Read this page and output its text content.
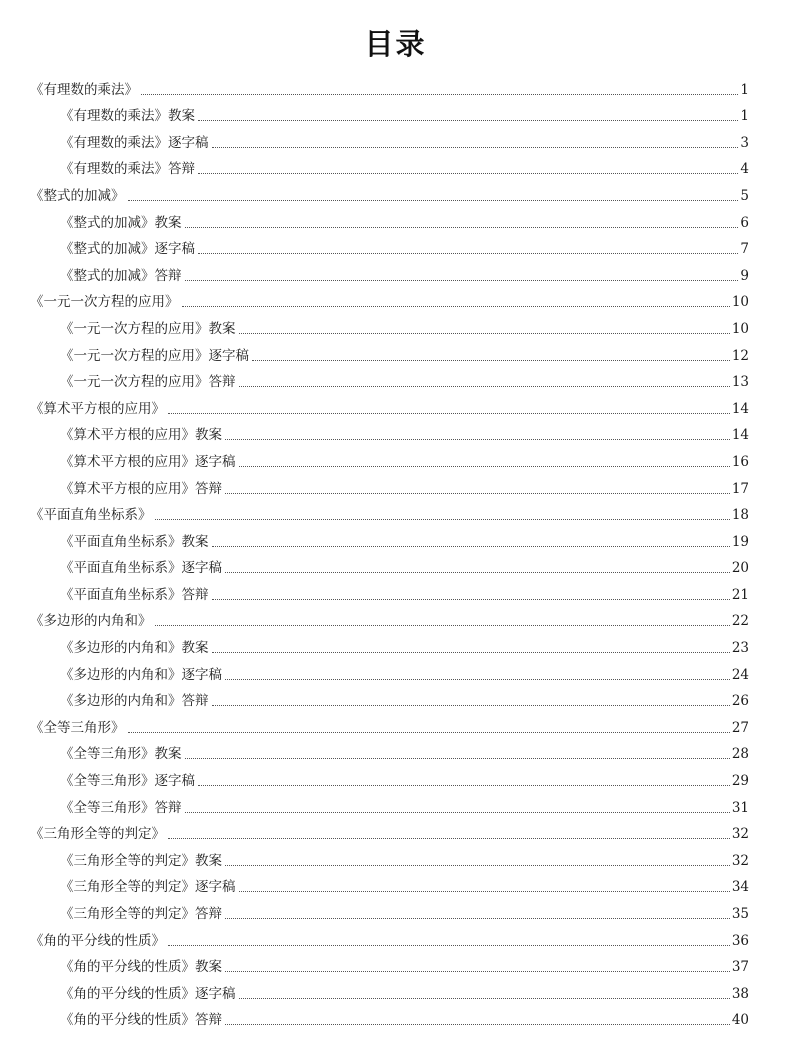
目录
《有理数的乘法》	1
《有理数的乘法》教案	1
《有理数的乘法》逐字稿	3
《有理数的乘法》答辩	4
《整式的加减》	5
《整式的加减》教案	6
《整式的加减》逐字稿	7
《整式的加减》答辩	9
《一元一次方程的应用》	10
《一元一次方程的应用》教案	10
《一元一次方程的应用》逐字稿	12
《一元一次方程的应用》答辩	13
《算术平方根的应用》	14
《算术平方根的应用》教案	14
《算术平方根的应用》逐字稿	16
《算术平方根的应用》答辩	17
《平面直角坐标系》	18
《平面直角坐标系》教案	19
《平面直角坐标系》逐字稿	20
《平面直角坐标系》答辩	21
《多边形的内角和》	22
《多边形的内角和》教案	23
《多边形的内角和》逐字稿	24
《多边形的内角和》答辩	26
《全等三角形》	27
《全等三角形》教案	28
《全等三角形》逐字稿	29
《全等三角形》答辩	31
《三角形全等的判定》	32
《三角形全等的判定》教案	32
《三角形全等的判定》逐字稿	34
《三角形全等的判定》答辩	35
《角的平分线的性质》	36
《角的平分线的性质》教案	37
《角的平分线的性质》逐字稿	38
《角的平分线的性质》答辩	40
